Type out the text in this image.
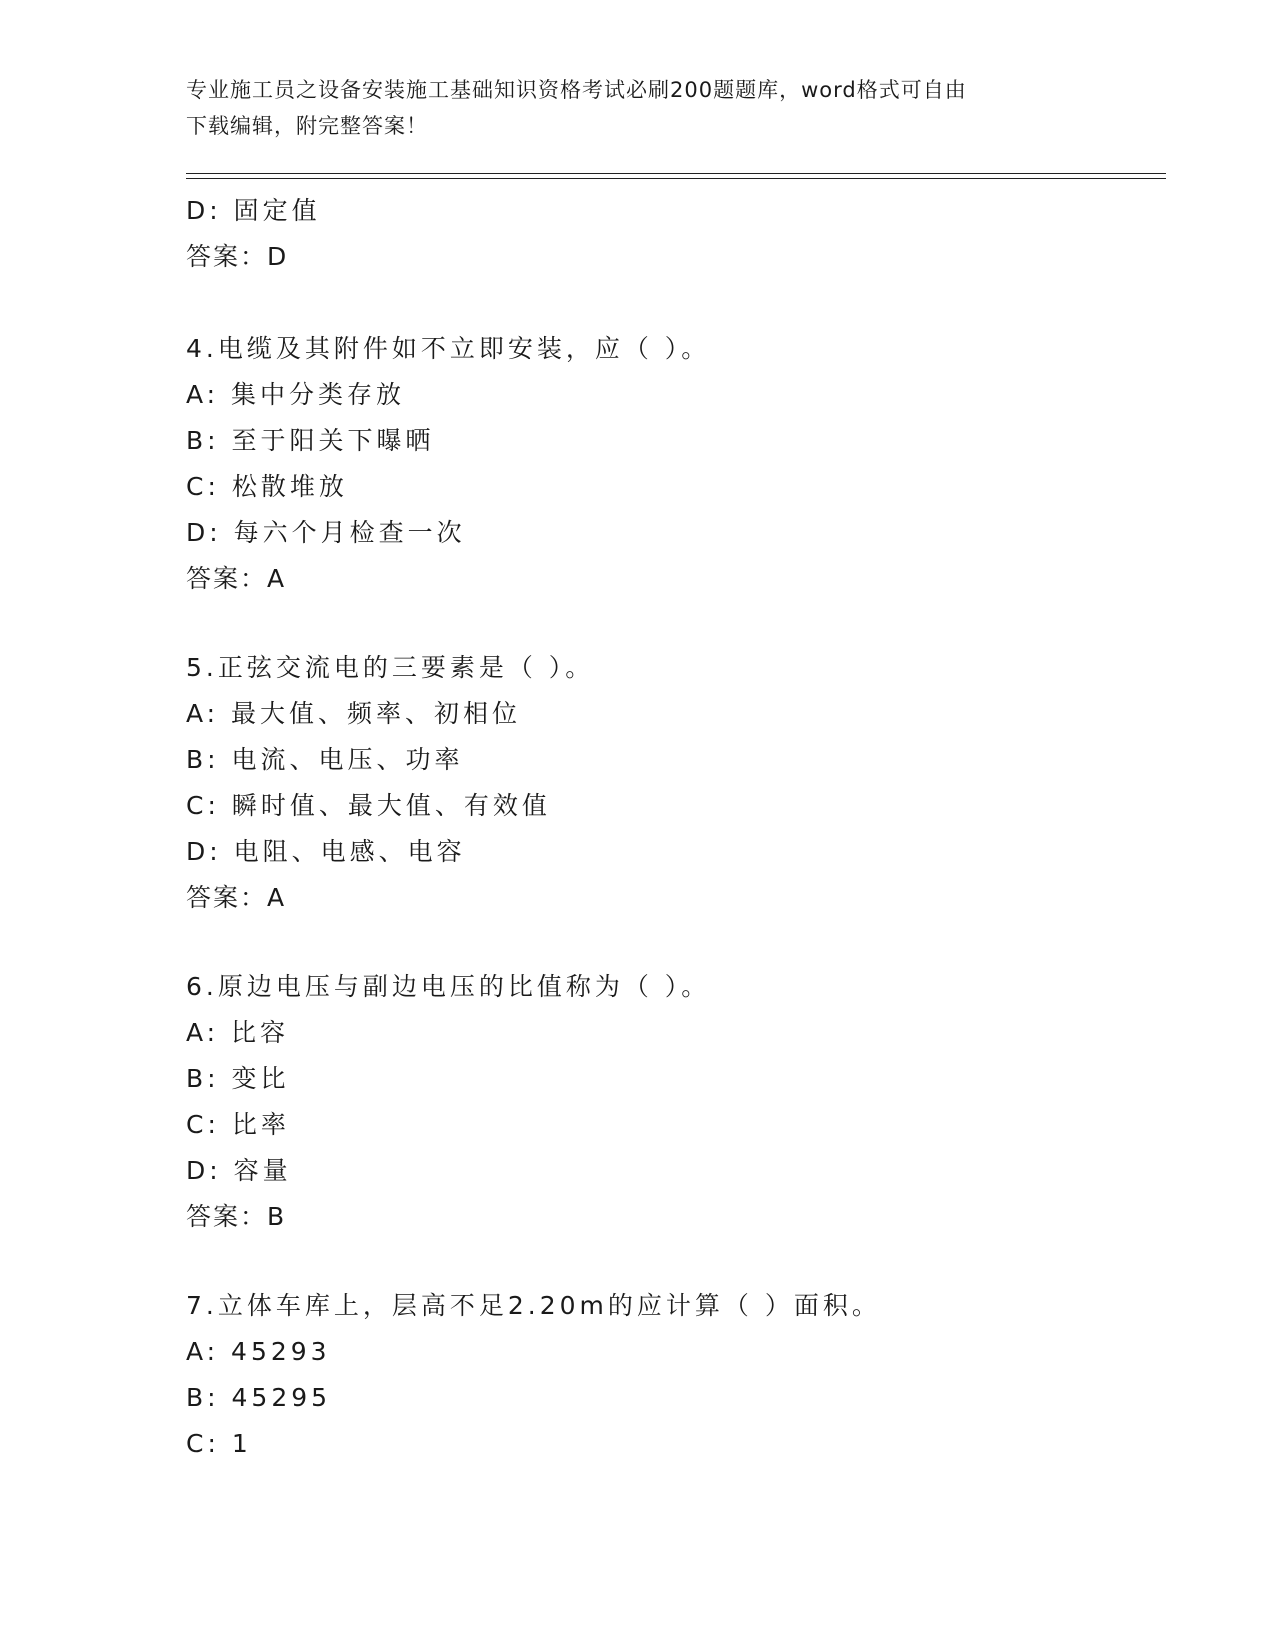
专业施工员之设备安装施工基础知识资格考试必刷200题题库，word格式可自由
下载编辑，附完整答案！
D: 固定值
答案：D
4.电缆及其附件如不立即安装，应（ ）。
A: 集中分类存放
B: 至于阳关下曝晒
C: 松散堆放
D: 每六个月检查一次
答案：A
5.正弦交流电的三要素是（ ）。
A: 最大值、频率、初相位
B: 电流、电压、功率
C: 瞬时值、最大值、有效值
D: 电阻、电感、电容
答案：A
6.原边电压与副边电压的比值称为（ ）。
A: 比容
B: 变比
C: 比率
D: 容量
答案：B
7.立体车库上，层高不足2.20m的应计算（ ）面积。
A: 45293
B: 45295
C: 1
